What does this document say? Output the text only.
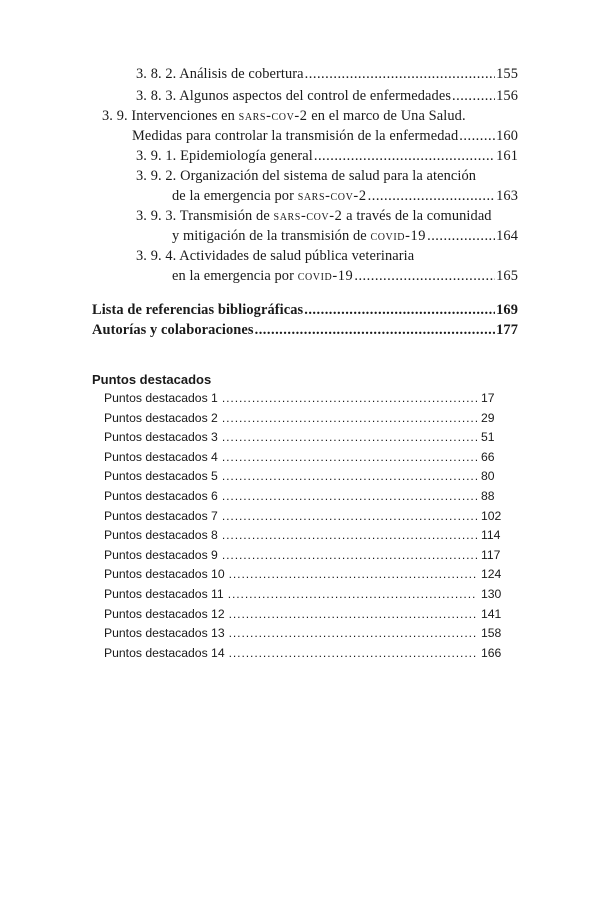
3. 8. 2. Análisis de cobertura .....	155
3. 8. 3. Algunos aspectos del control de enfermedades .....	156
3. 9. Intervenciones en sars-cov-2 en el marco de Una Salud.
Medidas para controlar la transmisión de la enfermedad .....	160
3. 9. 1. Epidemiología general .....	161
3. 9. 2. Organización del sistema de salud para la atención
de la emergencia por sars-cov-2 .....	163
3. 9. 3. Transmisión de sars-cov-2 a través de la comunidad
y mitigación de la transmisión de covid-19 .....	164
3. 9. 4. Actividades de salud pública veterinaria
en la emergencia por covid-19 .....	165
Lista de referencias bibliográficas .....	169
Autorías y colaboraciones .....	177
Puntos destacados
Puntos destacados 1 .....	17
Puntos destacados 2 .....	29
Puntos destacados 3 .....	51
Puntos destacados 4 .....	66
Puntos destacados 5 .....	80
Puntos destacados 6 .....	88
Puntos destacados 7 .....	102
Puntos destacados 8 .....	114
Puntos destacados 9 .....	117
Puntos destacados 10 .....	124
Puntos destacados 11 .....	130
Puntos destacados 12 .....	141
Puntos destacados 13 .....	158
Puntos destacados 14 .....	166
